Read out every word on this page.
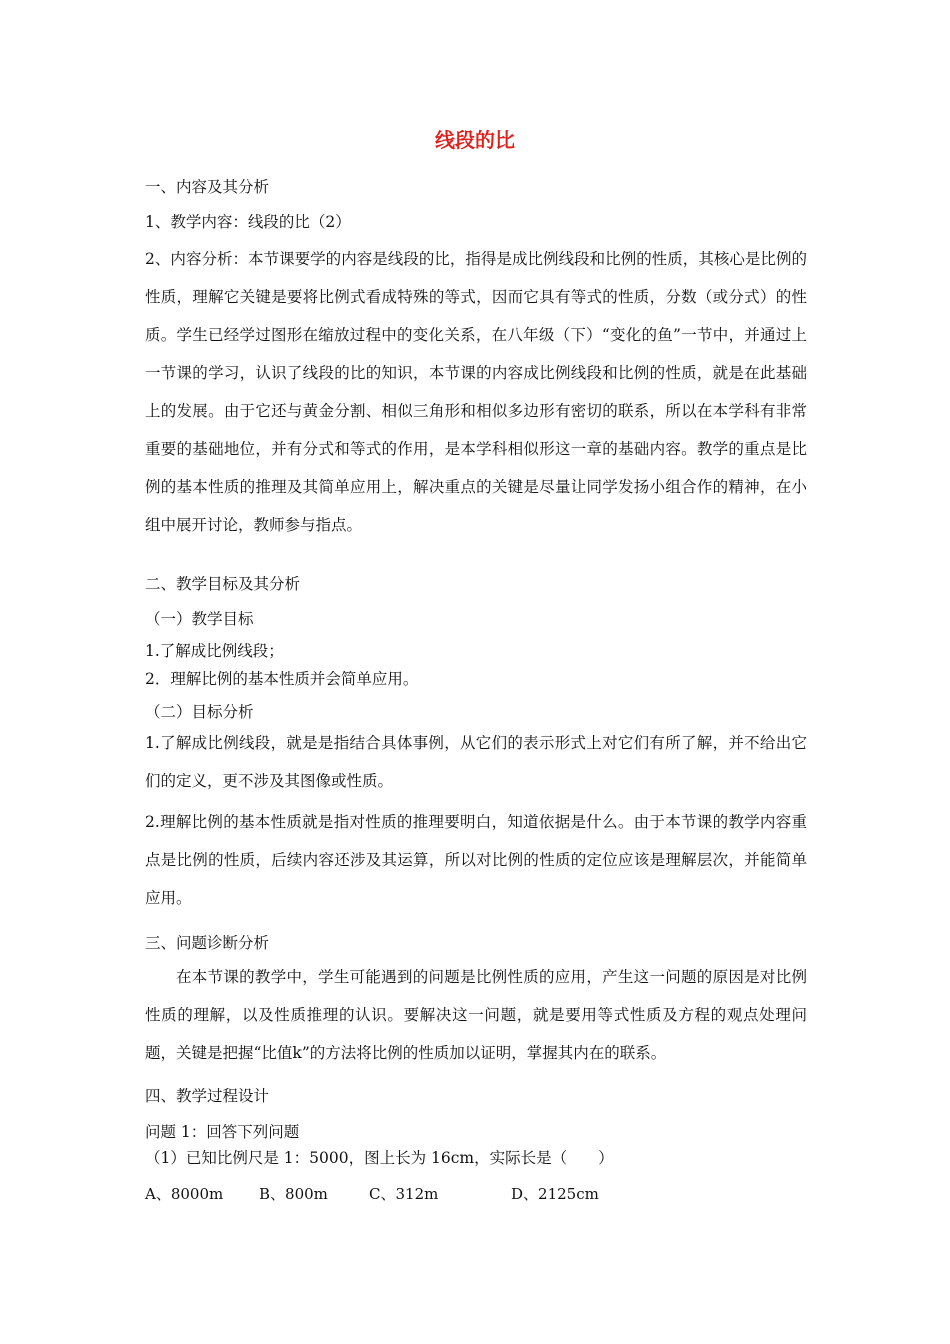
线段的比
一、内容及其分析
1、教学内容：线段的比（2）
2、内容分析：本节课要学的内容是线段的比，指得是成比例线段和比例的性质，其核心是比例的性质，理解它关键是要将比例式看成特殊的等式，因而它具有等式的性质，分数（或分式）的性质。学生已经学过图形在缩放过程中的变化关系，在八年级（下）“变化的鱼”一节中，并通过上一节课的学习，认识了线段的比的知识，本节课的内容成比例线段和比例的性质，就是在此基础上的发展。由于它还与黄金分割、相似三角形和相似多边形有密切的联系，所以在本学科有非常重要的基础地位，并有分式和等式的作用，是本学科相似形这一章的基础内容。教学的重点是比例的基本性质的推理及其简单应用上，解决重点的关键是尽量让同学发扬小组合作的精神，在小组中展开讨论，教师参与指点。
二、教学目标及其分析
（一）教学目标
1.了解成比例线段；
2．理解比例的基本性质并会简单应用。
（二）目标分析
1.了解成比例线段，就是是指结合具体事例，从它们的表示形式上对它们有所了解，并不给出它们的定义，更不涉及其图像或性质。
2.理解比例的基本性质就是指对性质的推理要明白，知道依据是什么。由于本节课的教学内容重点是比例的性质，后续内容还涉及其运算，所以对比例的性质的定位应该是理解层次，并能简单应用。
三、问题诊断分析
在本节课的教学中，学生可能遇到的问题是比例性质的应用，产生这一问题的原因是对比例性质的理解，以及性质推理的认识。要解决这一问题，就是要用等式性质及方程的观点处理问题，关键是把握“比值k”的方法将比例的性质加以证明，掌握其内在的联系。
四、教学过程设计
问题 1：回答下列问题
（1）已知比例尺是 1：5000，图上长为 16cm，实际长是（　　）
A、8000m B、800m	C、312m	D、2125cm
